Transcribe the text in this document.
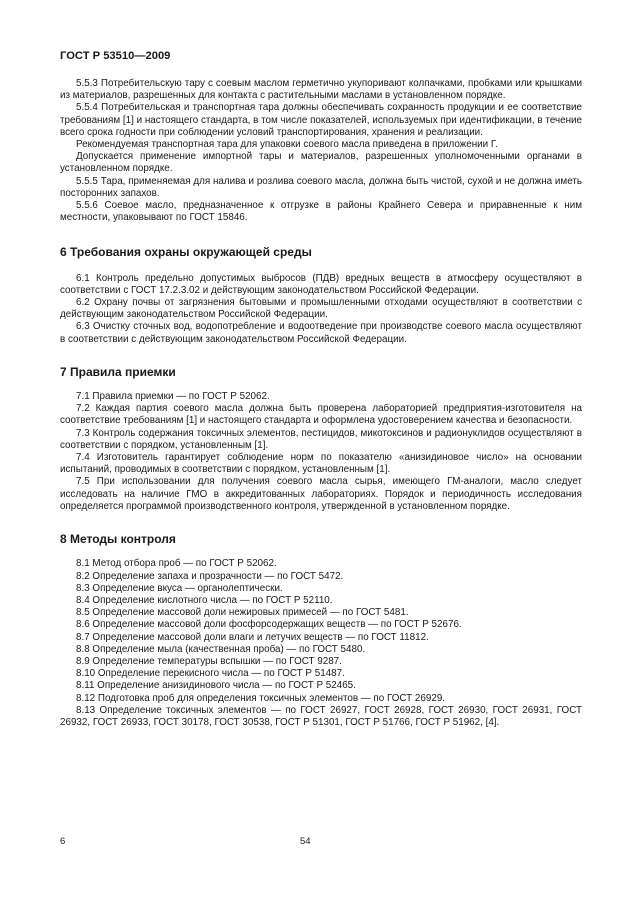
ГОСТ Р 53510—2009

5.5.3 Потребительскую тару с соевым маслом герметично укупоривают колпачками, пробками или крышками из материалов, разрешенных для контакта с растительными маслами в установленном порядке.

5.5.4 Потребительская и транспортная тара должны обеспечивать сохранность продукции и ее соответствие требованиям [1] и настоящего стандарта, в том числе показателей, используемых при идентификации, в течение всего срока годности при соблюдении условий транспортирования, хранения и реализации.

Рекомендуемая транспортная тара для упаковки соевого масла приведена в приложении Г.

Допускается применение импортной тары и материалов, разрешенных уполномоченными органами в установленном порядке.

5.5.5 Тара, применяемая для налива и розлива соевого масла, должна быть чистой, сухой и не должна иметь посторонних запахов.

5.5.6 Соевое масло, предназначенное к отгрузке в районы Крайнего Севера и приравненные к ним местности, упаковывают по ГОСТ 15846.

6 Требования охраны окружающей среды

6.1 Контроль предельно допустимых выбросов (ПДВ) вредных веществ в атмосферу осуществляют в соответствии с ГОСТ 17.2.3.02 и действующим законодательством Российской Федерации.

6.2 Охрану почвы от загрязнения бытовыми и промышленными отходами осуществляют в соответствии с действующим законодательством Российской Федерации.

6.3 Очистку сточных вод, водопотребление и водоотведение при производстве соевого масла осуществляют в соответствии с действующим законодательством Российской Федерации.

7 Правила приемки

7.1 Правила приемки — по ГОСТ Р 52062.

7.2 Каждая партия соевого масла должна быть проверена лабораторией предприятия-изготовителя на соответствие требованиям [1] и настоящего стандарта и оформлена удостоверением качества и безопасности.

7.3 Контроль содержания токсичных элементов, пестицидов, микотоксинов и радионуклидов осуществляют в соответствии с порядком, установленным [1].

7.4 Изготовитель гарантирует соблюдение норм по показателю «анизидиновое число» на основании испытаний, проводимых в соответствии с порядком, установленным [1].

7.5 При использовании для получения соевого масла сырья, имеющего ГМ-аналоги, масло следует исследовать на наличие ГМО в аккредитованных лабораториях. Порядок и периодичность исследования определяется программой производственного контроля, утвержденной в установленном порядке.

8 Методы контроля

8.1 Метод отбора проб — по ГОСТ Р 52062.

8.2 Определение запаха и прозрачности — по ГОСТ 5472.

8.3 Определение вкуса — органолептически.

8.4 Определение кислотного числа — по ГОСТ Р 52110.

8.5 Определение массовой доли нежировых примесей — по ГОСТ 5481.

8.6 Определение массовой доли фосфорсодержащих веществ — по ГОСТ Р 52676.

8.7 Определение массовой доли влаги и летучих веществ — по ГОСТ 11812.

8.8 Определение мыла (качественная проба) — по ГОСТ 5480.

8.9 Определение температуры вспышки — по ГОСТ 9287.

8.10 Определение перекисного числа — по ГОСТ Р 51487.

8.11 Определение анизидинового числа — по ГОСТ Р 52465.

8.12 Подготовка проб для определения токсичных элементов — по ГОСТ 26929.

8.13 Определение токсичных элементов — по ГОСТ 26927, ГОСТ 26928, ГОСТ 26930, ГОСТ 26931, ГОСТ 26932, ГОСТ 26933, ГОСТ 30178, ГОСТ 30538, ГОСТ Р 51301, ГОСТ Р 51766, ГОСТ Р 51962, [4].

6	54
